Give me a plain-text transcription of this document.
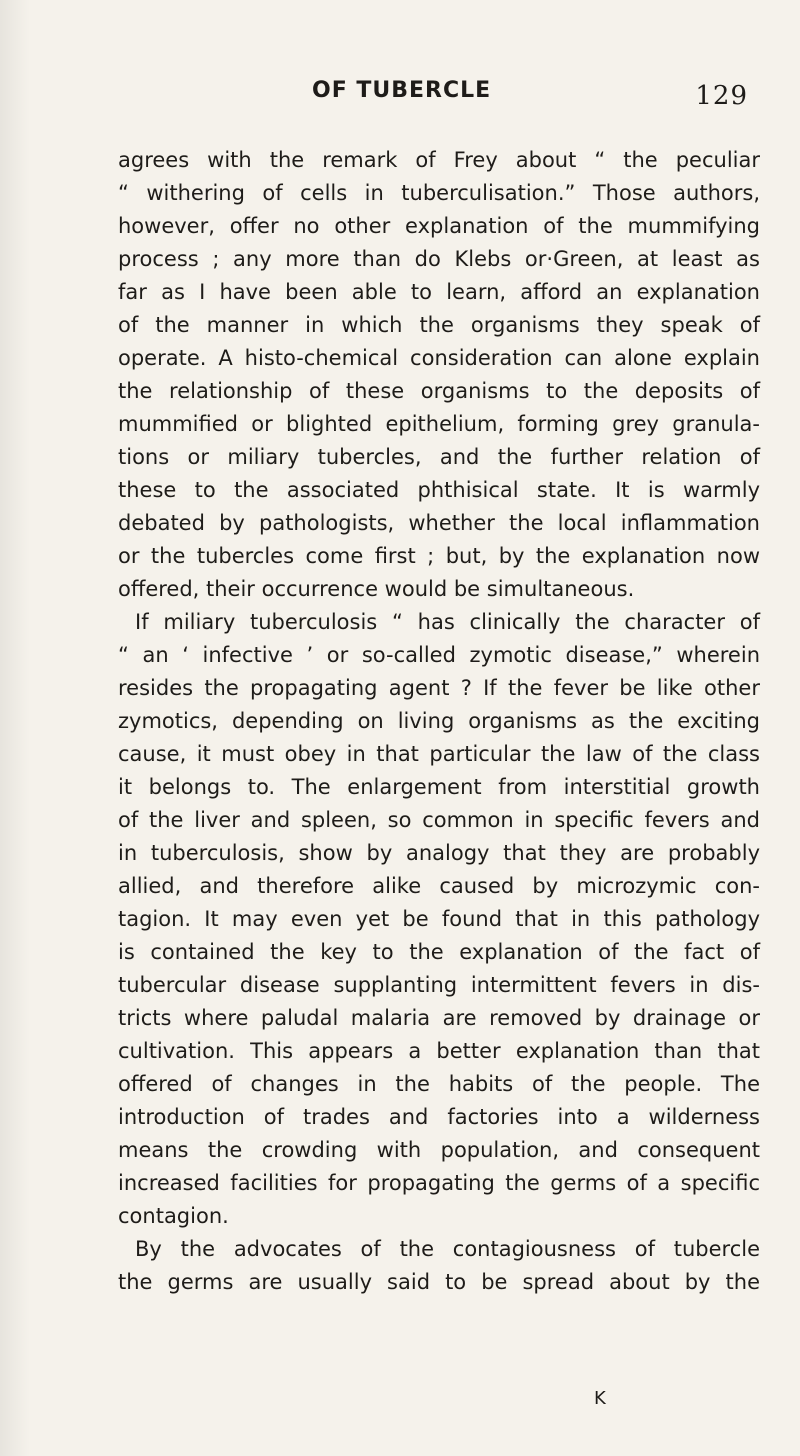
OF TUBERCLE	129
agrees with the remark of Frey about “ the peculiar
“ withering of cells in tuberculisation.” Those authors,
however, offer no other explanation of the mummifying
process ; any more than do Klebs or·Green, at least as
far as I have been able to learn, afford an explanation
of the manner in which the organisms they speak of
operate. A histo-chemical consideration can alone explain
the relationship of these organisms to the deposits of
mummified or blighted epithelium, forming grey granula-
tions or miliary tubercles, and the further relation of
these to the associated phthisical state. It is warmly
debated by pathologists, whether the local inflammation
or the tubercles come first ; but, by the explanation now
offered, their occurrence would be simultaneous.
If miliary tuberculosis “ has clinically the character of
“ an ‘ infective ’ or so-called zymotic disease,” wherein
resides the propagating agent ? If the fever be like other
zymotics, depending on living organisms as the exciting
cause, it must obey in that particular the law of the class
it belongs to. The enlargement from interstitial growth
of the liver and spleen, so common in specific fevers and
in tuberculosis, show by analogy that they are probably
allied, and therefore alike caused by microzymic con-
tagion. It may even yet be found that in this pathology
is contained the key to the explanation of the fact of
tubercular disease supplanting intermittent fevers in dis-
tricts where paludal malaria are removed by drainage or
cultivation. This appears a better explanation than that
offered of changes in the habits of the people. The
introduction of trades and factories into a wilderness
means the crowding with population, and consequent
increased facilities for propagating the germs of a specific
contagion.
By the advocates of the contagiousness of tubercle
the germs are usually said to be spread about by the
K
